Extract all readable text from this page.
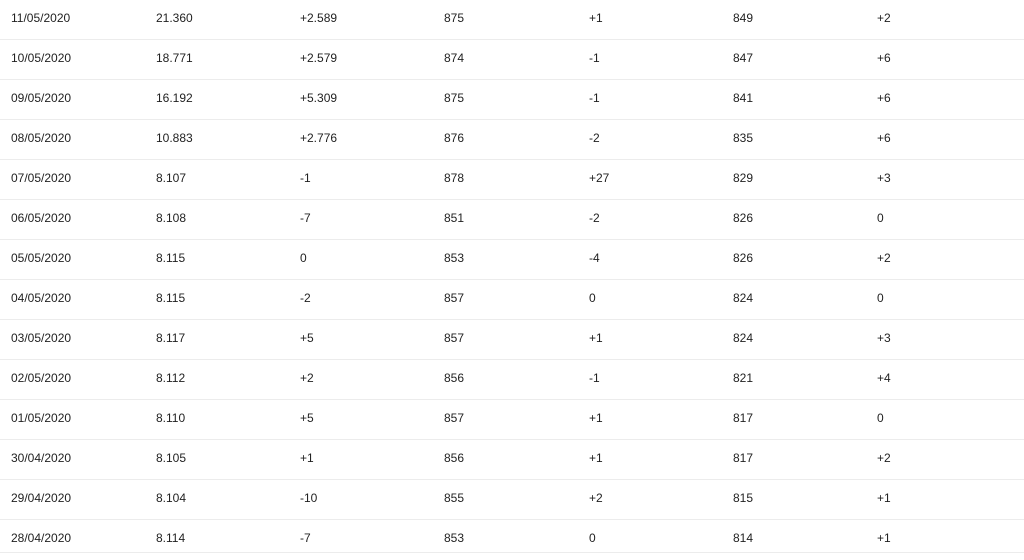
11/05/2020	21.360	+2.589	875	+1	849	+2
10/05/2020	18.771	+2.579	874	-1	847	+6
09/05/2020	16.192	+5.309	875	-1	841	+6
08/05/2020	10.883	+2.776	876	-2	835	+6
07/05/2020	8.107	-1	878	+27	829	+3
06/05/2020	8.108	-7	851	-2	826	0
05/05/2020	8.115	0	853	-4	826	+2
04/05/2020	8.115	-2	857	0	824	0
03/05/2020	8.117	+5	857	+1	824	+3
02/05/2020	8.112	+2	856	-1	821	+4
01/05/2020	8.110	+5	857	+1	817	0
30/04/2020	8.105	+1	856	+1	817	+2
29/04/2020	8.104	-10	855	+2	815	+1
28/04/2020	8.114	-7	853	0	814	+1
